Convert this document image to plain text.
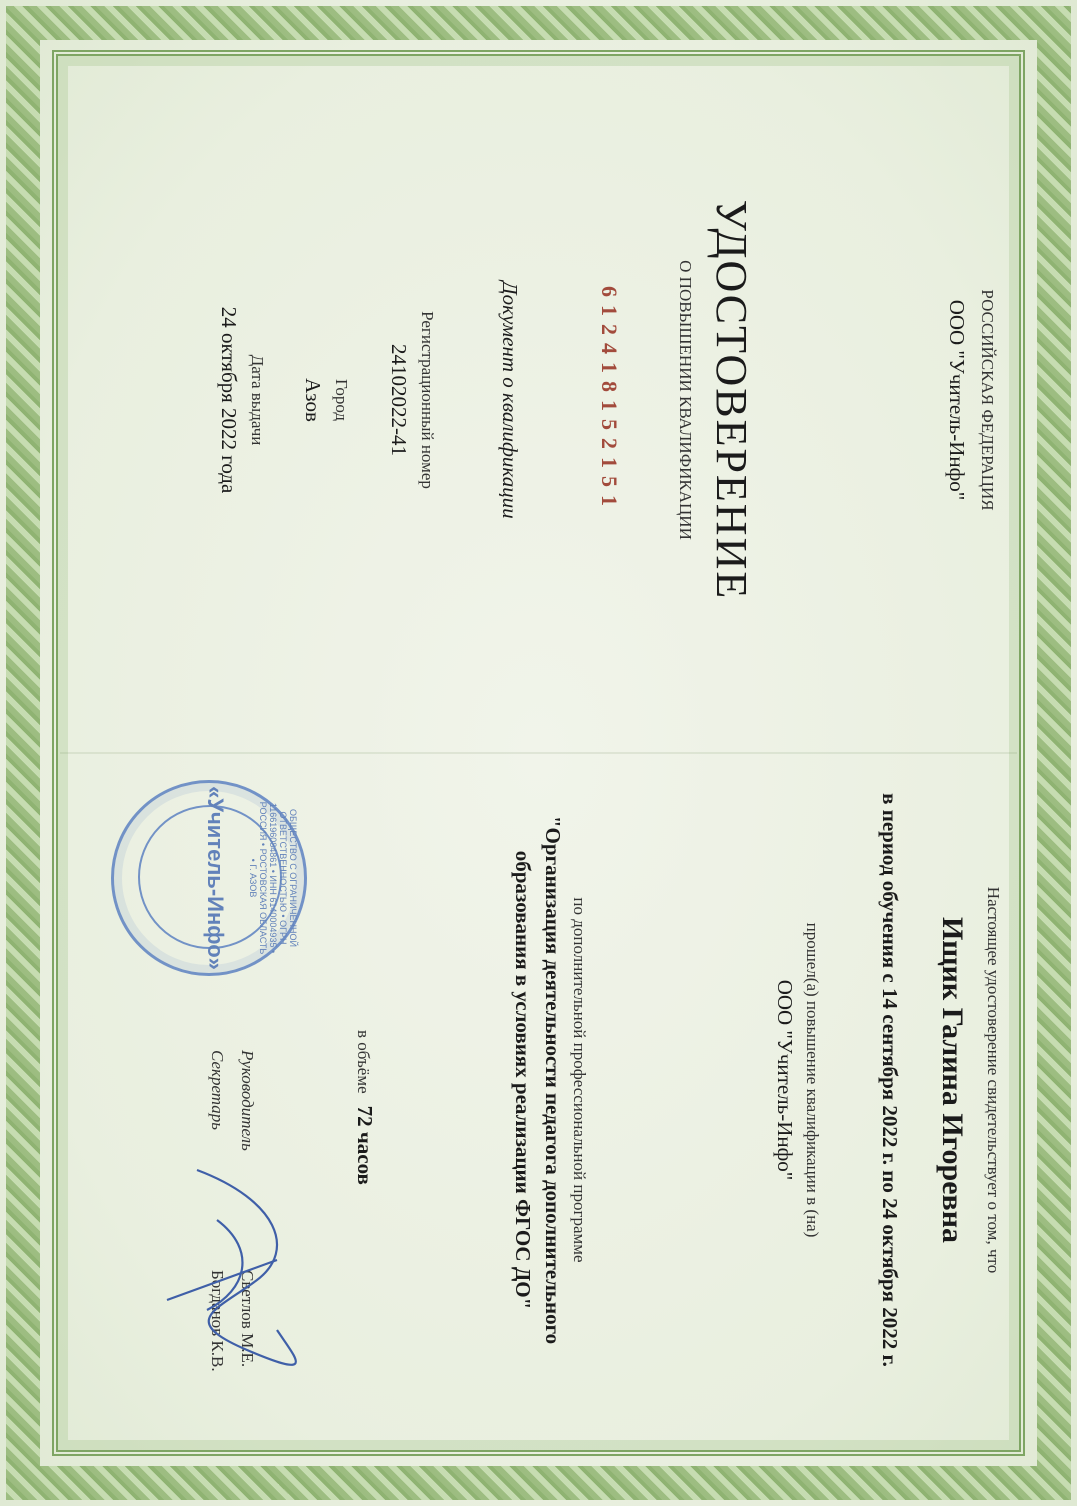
РОССИЙСКАЯ ФЕДЕРАЦИЯ
ООО "Учитель-Инфо"
УДОСТОВЕРЕНИЕ
О ПОВЫШЕНИИ КВАЛИФИКАЦИИ
612418152151
Документ о квалификации
Регистрационный номер
24102022-41
Город
Азов
Дата выдачи
24 октября 2022 года
Настоящее удостоверение свидетельствует о том, что
Ищик Галина Игоревна
в период обучения с 14 сентября 2022 г. по 24 октября 2022 г.
прошел(а) повышение квалификации в (на)
ООО "Учитель-Инфо"
по дополнительной профессиональной программе
"Организация деятельности педагога дополнительного
образования в условиях реализации ФГОС ДО"
в объёме   72 часов
Руководитель
Секретарь
Светлов М.Е.
Богданов К.В.
ОБЩЕСТВО С ОГРАНИЧЕННОЙ ОТВЕТСТВЕННОСТЬЮ • ОГРН 1166196084861 • ИНН 6140004935 • РОССИЯ • РОСТОВСКАЯ ОБЛАСТЬ • Г. АЗОВ
«Учитель-Инфо»
